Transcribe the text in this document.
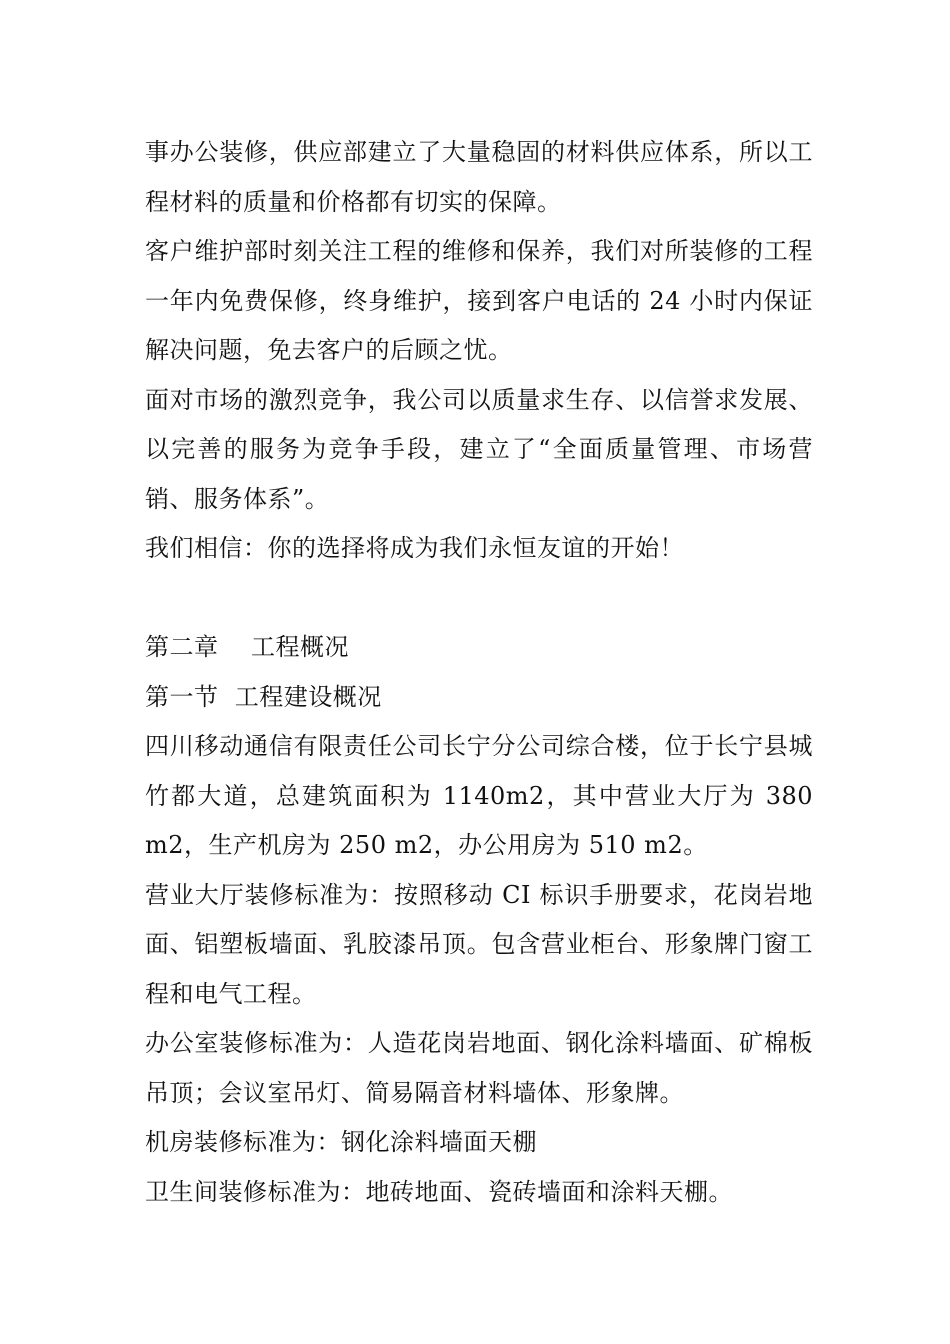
事办公装修，供应部建立了大量稳固的材料供应体系，所以工程材料的质量和价格都有切实的保障。

客户维护部时刻关注工程的维修和保养，我们对所装修的工程一年内免费保修，终身维护，接到客户电话的 24 小时内保证解决问题，免去客户的后顾之忧。

面对市场的激烈竞争，我公司以质量求生存、以信誉求发展、以完善的服务为竞争手段，建立了“全面质量管理、市场营销、服务体系”。

我们相信：你的选择将成为我们永恒友谊的开始！

第二章    工程概况

第一节  工程建设概况

四川移动通信有限责任公司长宁分公司综合楼，位于长宁县城竹都大道，总建筑面积为 1140m2，其中营业大厅为 380 m2，生产机房为 250 m2，办公用房为 510 m2。

营业大厅装修标准为：按照移动 CI 标识手册要求，花岗岩地面、铝塑板墙面、乳胶漆吊顶。包含营业柜台、形象牌门窗工程和电气工程。

办公室装修标准为：人造花岗岩地面、钢化涂料墙面、矿棉板吊顶；会议室吊灯、简易隔音材料墙体、形象牌。

机房装修标准为：钢化涂料墙面天棚

卫生间装修标准为：地砖地面、瓷砖墙面和涂料天棚。
